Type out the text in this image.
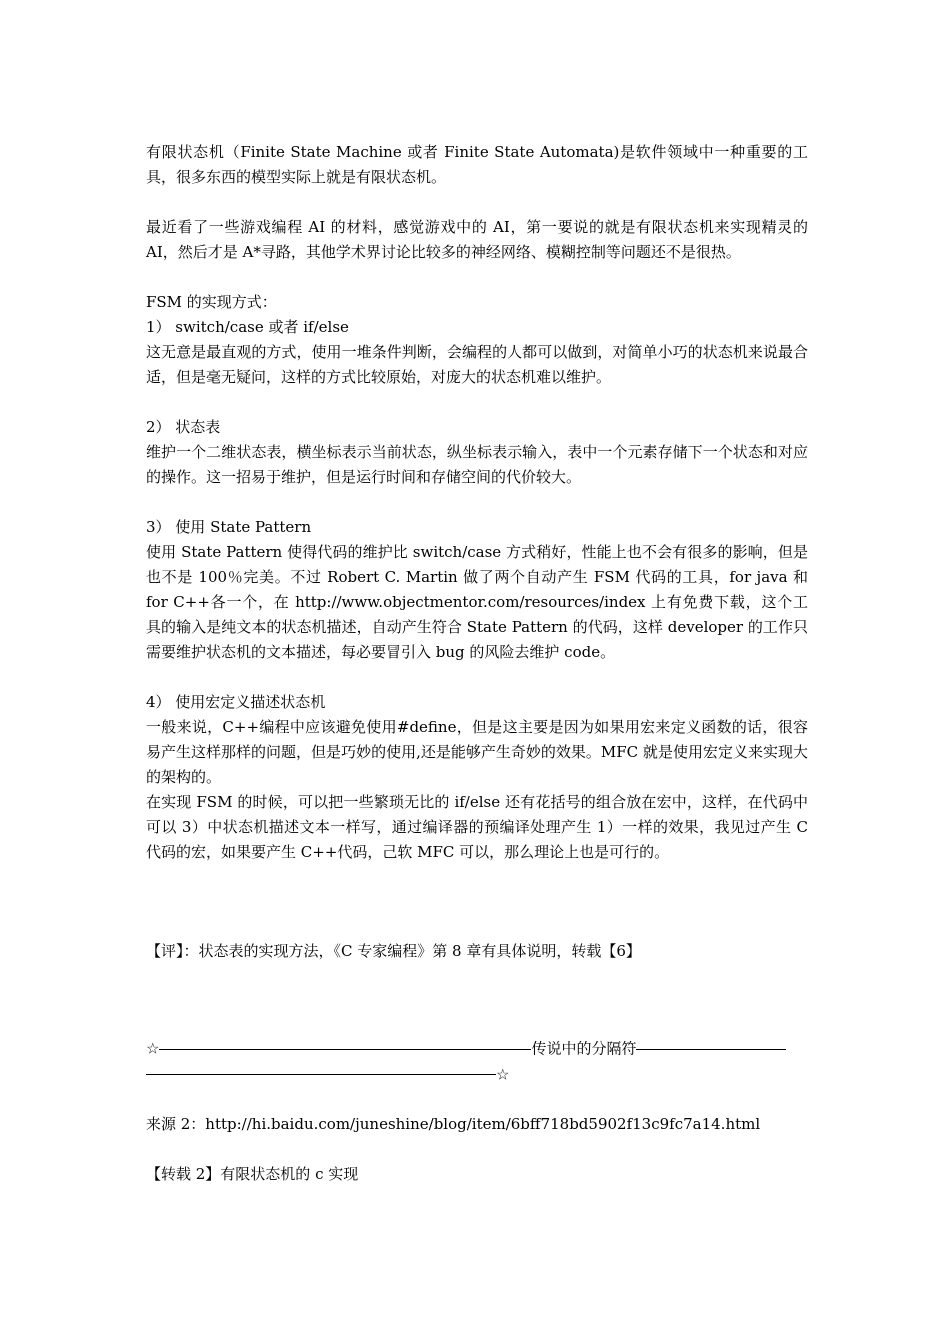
有限状态机（Finite State Machine 或者 Finite State Automata)是软件领域中一种重要的工具，很多东西的模型实际上就是有限状态机。

最近看了一些游戏编程 AI 的材料，感觉游戏中的 AI，第一要说的就是有限状态机来实现精灵的 AI，然后才是 A*寻路，其他学术界讨论比较多的神经网络、模糊控制等问题还不是很热。

FSM 的实现方式：

1） switch/case 或者 if/else

这无意是最直观的方式，使用一堆条件判断，会编程的人都可以做到，对简单小巧的状态机来说最合适，但是毫无疑问，这样的方式比较原始，对庞大的状态机难以维护。

2） 状态表

维护一个二维状态表，横坐标表示当前状态，纵坐标表示输入，表中一个元素存储下一个状态和对应的操作。这一招易于维护，但是运行时间和存储空间的代价较大。

3） 使用 State Pattern

使用 State Pattern 使得代码的维护比 switch/case 方式稍好，性能上也不会有很多的影响，但是也不是 100％完美。不过 Robert C. Martin 做了两个自动产生 FSM 代码的工具，for java 和 for C++各一个，在 http://www.objectmentor.com/resources/index 上有免费下载，这个工具的输入是纯文本的状态机描述，自动产生符合 State Pattern 的代码，这样 developer 的工作只需要维护状态机的文本描述，每必要冒引入 bug 的风险去维护 code。

4） 使用宏定义描述状态机

一般来说，C++编程中应该避免使用#define，但是这主要是因为如果用宏来定义函数的话，很容易产生这样那样的问题，但是巧妙的使用,还是能够产生奇妙的效果。MFC 就是使用宏定义来实现大的架构的。

在实现 FSM 的时候，可以把一些繁琐无比的 if/else 还有花括号的组合放在宏中，这样，在代码中可以 3）中状态机描述文本一样写，通过编译器的预编译处理产生 1）一样的效果，我见过产生 C 代码的宏，如果要产生 C++代码，己软 MFC 可以，那么理论上也是可行的。

【评】：状态表的实现方法，《C 专家编程》第 8 章有具体说明，转载【6】

☆	传说中的分隔符

☆

来源 2：http://hi.baidu.com/juneshine/blog/item/6bff718bd5902f13c9fc7a14.html

【转载 2】有限状态机的 c 实现
